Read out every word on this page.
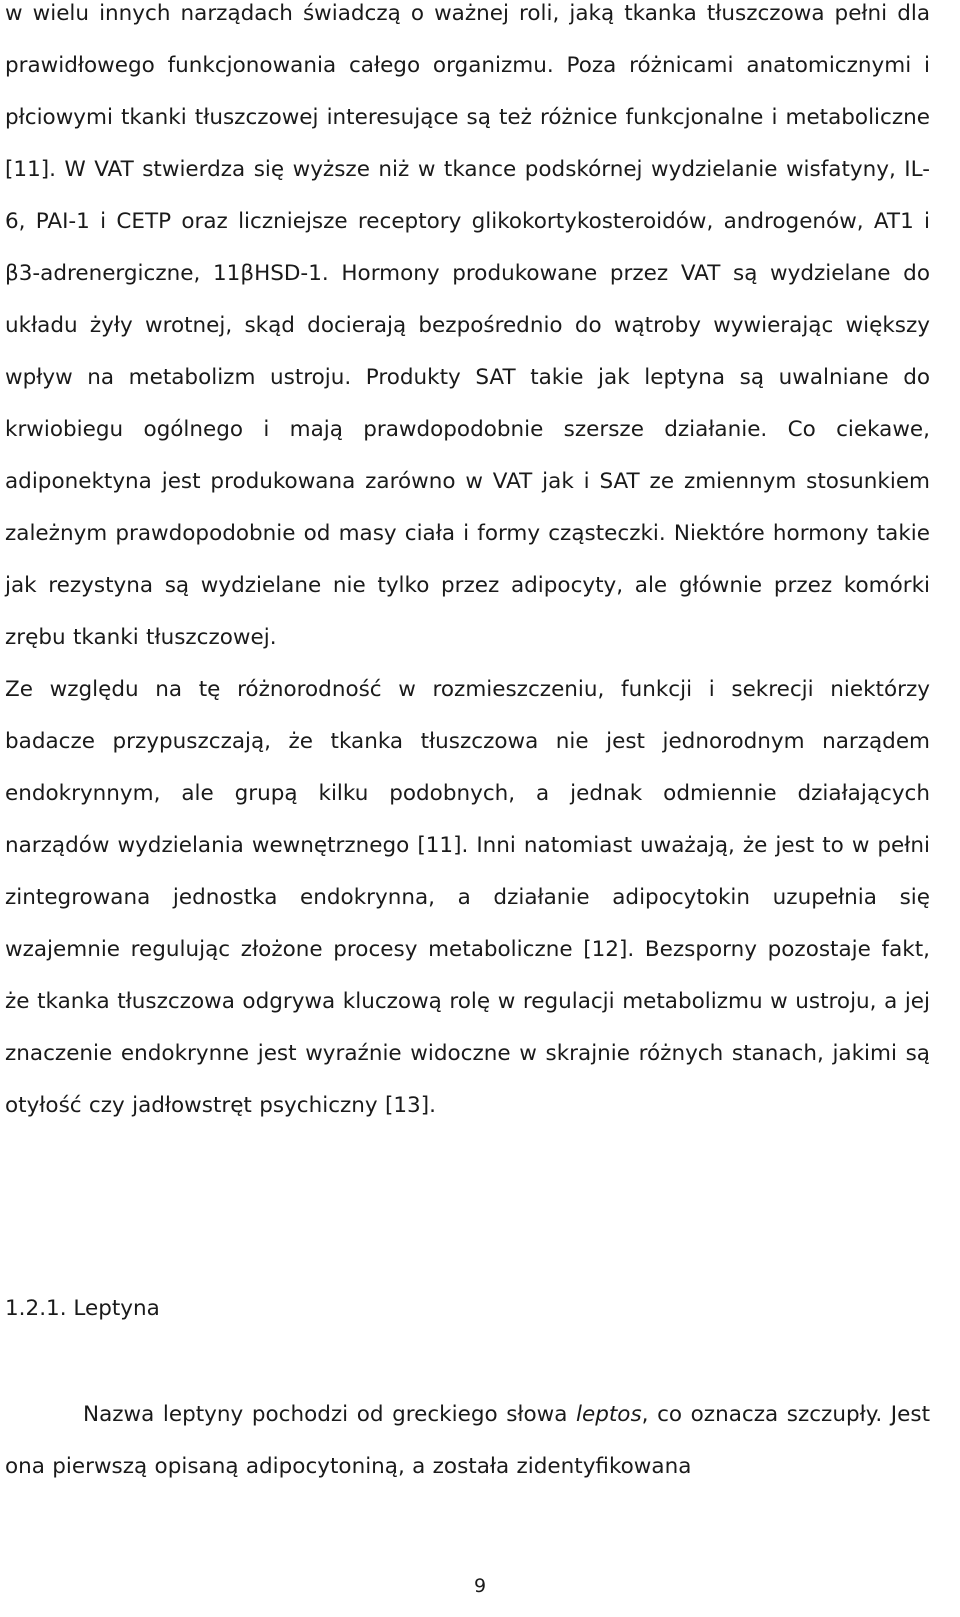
w wielu innych narządach świadczą o ważnej roli, jaką tkanka tłuszczowa pełni dla prawidłowego funkcjonowania całego organizmu. Poza różnicami anatomicznymi i płciowymi tkanki tłuszczowej interesujące są też różnice funkcjonalne i metaboliczne [11]. W VAT stwierdza się wyższe niż w tkance podskórnej wydzielanie wisfatyny, IL-6, PAI-1 i CETP oraz liczniejsze receptory glikokortykosteroidów, androgenów, AT1 i β3-adrenergiczne, 11βHSD-1. Hormony produkowane przez VAT są wydzielane do układu żyły wrotnej, skąd docierają bezpośrednio do wątroby wywierając większy wpływ na metabolizm ustroju. Produkty SAT takie jak leptyna są uwalniane do krwiobiegu ogólnego i mają prawdopodobnie szersze działanie. Co ciekawe, adiponektyna jest produkowana zarówno w VAT jak i SAT ze zmiennym stosunkiem zależnym prawdopodobnie od masy ciała i formy cząsteczki. Niektóre hormony takie jak rezystyna są wydzielane nie tylko przez adipocyty, ale głównie przez komórki zrębu tkanki tłuszczowej.

Ze względu na tę różnorodność w rozmieszczeniu, funkcji i sekrecji niektórzy badacze przypuszczają, że tkanka tłuszczowa nie jest jednorodnym narządem endokrynnym, ale grupą kilku podobnych, a jednak odmiennie działających narządów wydzielania wewnętrznego [11]. Inni natomiast uważają, że jest to w pełni zintegrowana jednostka endokrynna, a działanie adipocytokin uzupełnia się wzajemnie regulując złożone procesy metaboliczne [12]. Bezsporny pozostaje fakt, że tkanka tłuszczowa odgrywa kluczową rolę w regulacji metabolizmu w ustroju, a jej znaczenie endokrynne jest wyraźnie widoczne w skrajnie różnych stanach, jakimi są otyłość czy jadłowstręt psychiczny [13].

1.2.1. Leptyna

Nazwa leptyny pochodzi od greckiego słowa leptos, co oznacza szczupły. Jest ona pierwszą opisaną adipocytoniną, a została zidentyfikowana

9
